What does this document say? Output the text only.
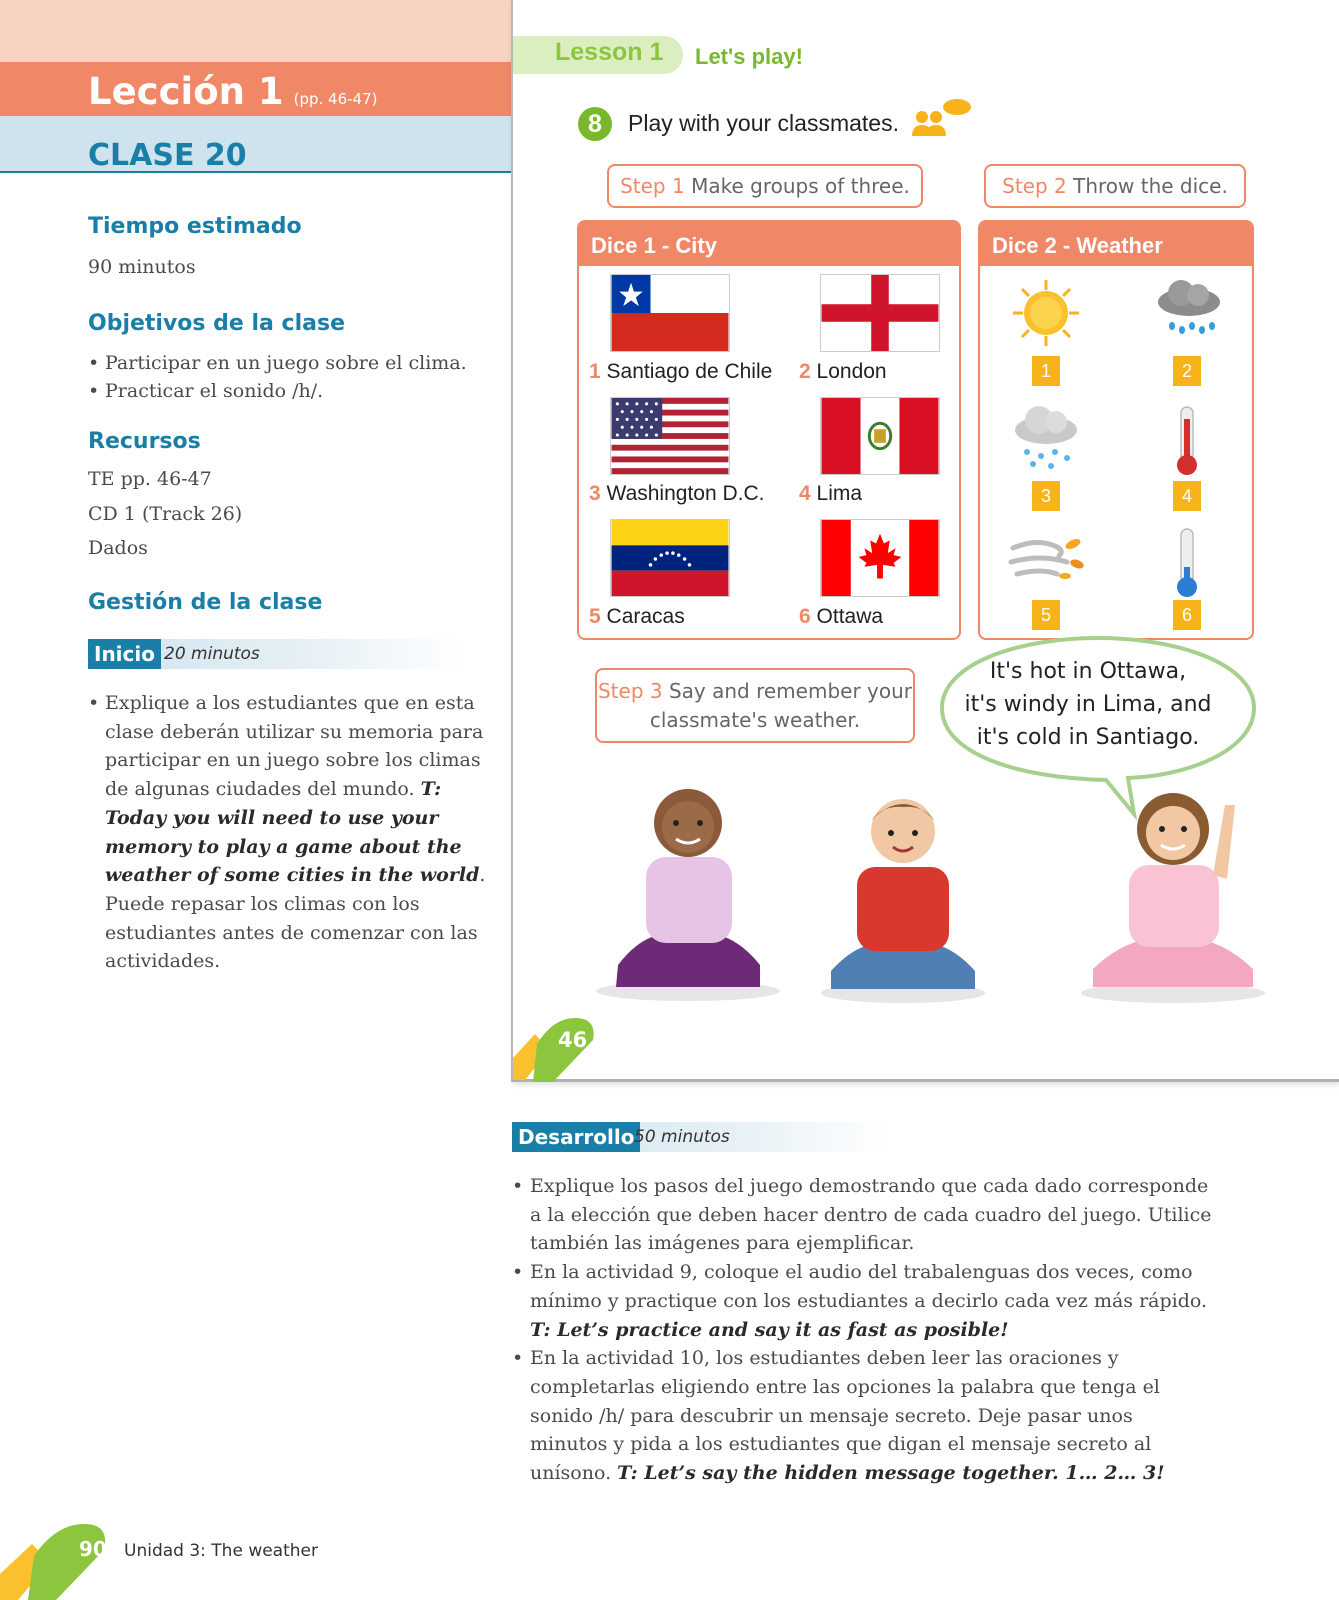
Lección 1 (pp. 46-47)
CLASE 20
Tiempo estimado
90 minutos
Objetivos de la clase
• Participar en un juego sobre el clima.
• Practicar el sonido /h/.
Recursos
TE pp. 46-47
CD 1 (Track 26)
Dados
Gestión de la clase
Inicio 20 minutos
• Explique a los estudiantes que en esta clase deberán utilizar su memoria para participar en un juego sobre los climas de algunas ciudades del mundo. T: Today you will need to use your memory to play a game about the weather of some cities in the world. Puede repasar los climas con los estudiantes antes de comenzar con las actividades.
Lesson 1 Let's play!
8	Play with your classmates.
Step 1 Make groups of three.	Step 2 Throw the dice.
Dice 1 - City
1 Santiago de Chile 2 London
3 Washington D.C. 4 Lima
5 Caracas	6 Ottawa
Dice 2 - Weather
1	2
3	4
5	6
Step 3 Say and remember your
classmate's weather.
It's hot in Ottawa,
it's windy in Lima, and
it's cold in Santiago.
46
Desarrollo 50 minutos
• Explique los pasos del juego demostrando que cada dado corresponde a la elección que deben hacer dentro de cada cuadro del juego. Utilice también las imágenes para ejemplificar.
• En la actividad 9, coloque el audio del trabalenguas dos veces, como mínimo y practique con los estudiantes a decirlo cada vez más rápido.
T: Let’s practice and say it as fast as posible!
• En la actividad 10, los estudiantes deben leer las oraciones y completarlas eligiendo entre las opciones la palabra que tenga el sonido /h/ para descubrir un mensaje secreto. Deje pasar unos minutos y pida a los estudiantes que digan el mensaje secreto al unísono. T: Let’s say the hidden message together. 1… 2… 3!
90 Unidad 3: The weather
